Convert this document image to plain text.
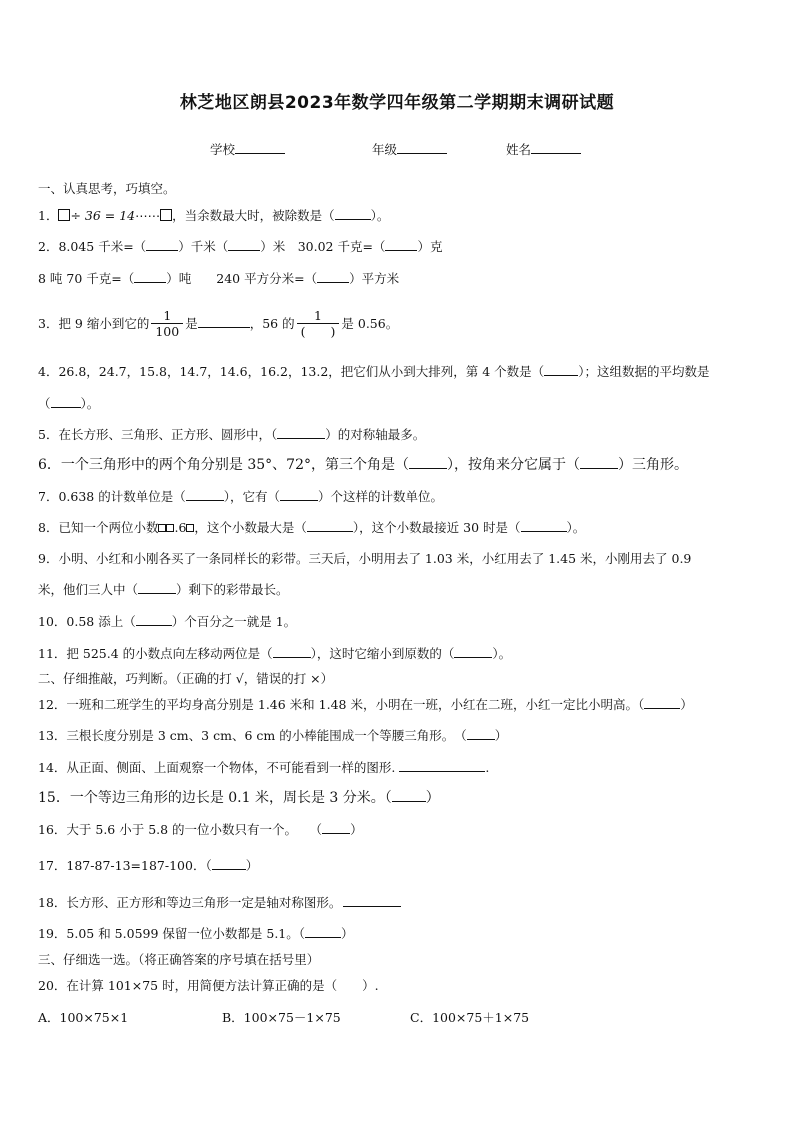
林芝地区朗县2023年数学四年级第二学期期末调研试题
学校	年级	姓名
一、认真思考，巧填空。
1． ÷ 36 = 14⋯⋯ ，当余数最大时，被除数是（	）。
2．8.045 千米=（	）千米（	）米　30.02 千克=（	）克
8 吨 70 千克=（	）吨　　240 平方分米=（	）平方米
3．把 9 缩小到它的 $\frac{1}{100}$ 是	，56 的 $\frac{1}{( )}$ 是 0.56。
4．26.8，24.7，15.8，14.7，14.6，16.2，13.2，把它们从小到大排列，第 4 个数是（	）；这组数据的平均数是
（ ）。
5．在长方形、三角形、正方形、圆形中，（	）的对称轴最多。
6．一个三角形中的两个角分别是 35°、72°，第三个角是（	），按角来分它属于（	）三角形。
7．0.638 的计数单位是（	），它有（	）个这样的计数单位。
8．已知一个两位小数 .6 ，这个小数最大是（	），这个小数最接近 30 时是（	）。
9．小明、小红和小刚各买了一条同样长的彩带。三天后，小明用去了 1.03 米，小红用去了 1.45 米，小刚用去了 0.9
米，他们三人中（	）剩下的彩带最长。
10．0.58 添上（	）个百分之一就是 1。
11．把 525.4 的小数点向左移动两位是（	），这时它缩小到原数的（	）。
二、仔细推敲，巧判断。（正确的打 √，错误的打 ×）
12．一班和二班学生的平均身高分别是 1.46 米和 1.48 米，小明在一班，小红在二班，小红一定比小明高。（	）
13．三根长度分别是 3 cm、3 cm、6 cm 的小棒能围成一个等腰三角形。　（ ）
14．从正面、侧面、上面观察一个物体，不可能看到一样的图形.	.
15．一个等边三角形的边长是 0.1 米，周长是 3 分米。（ ）
16．大于 5.6 小于 5.8 的一位小数只有一个。　　（ ）
17．187-87-13=187-100．（	）
18．长方形、正方形和等边三角形一定是轴对称图形。
19．5.05 和 5.0599 保留一位小数都是 5.1。（	）
三、仔细选一选。（将正确答案的序号填在括号里）
20．在计算 101×75 时，用简便方法计算正确的是（　　）.
A．100×75×1	B．100×75－1×75	C．100×75＋1×75
